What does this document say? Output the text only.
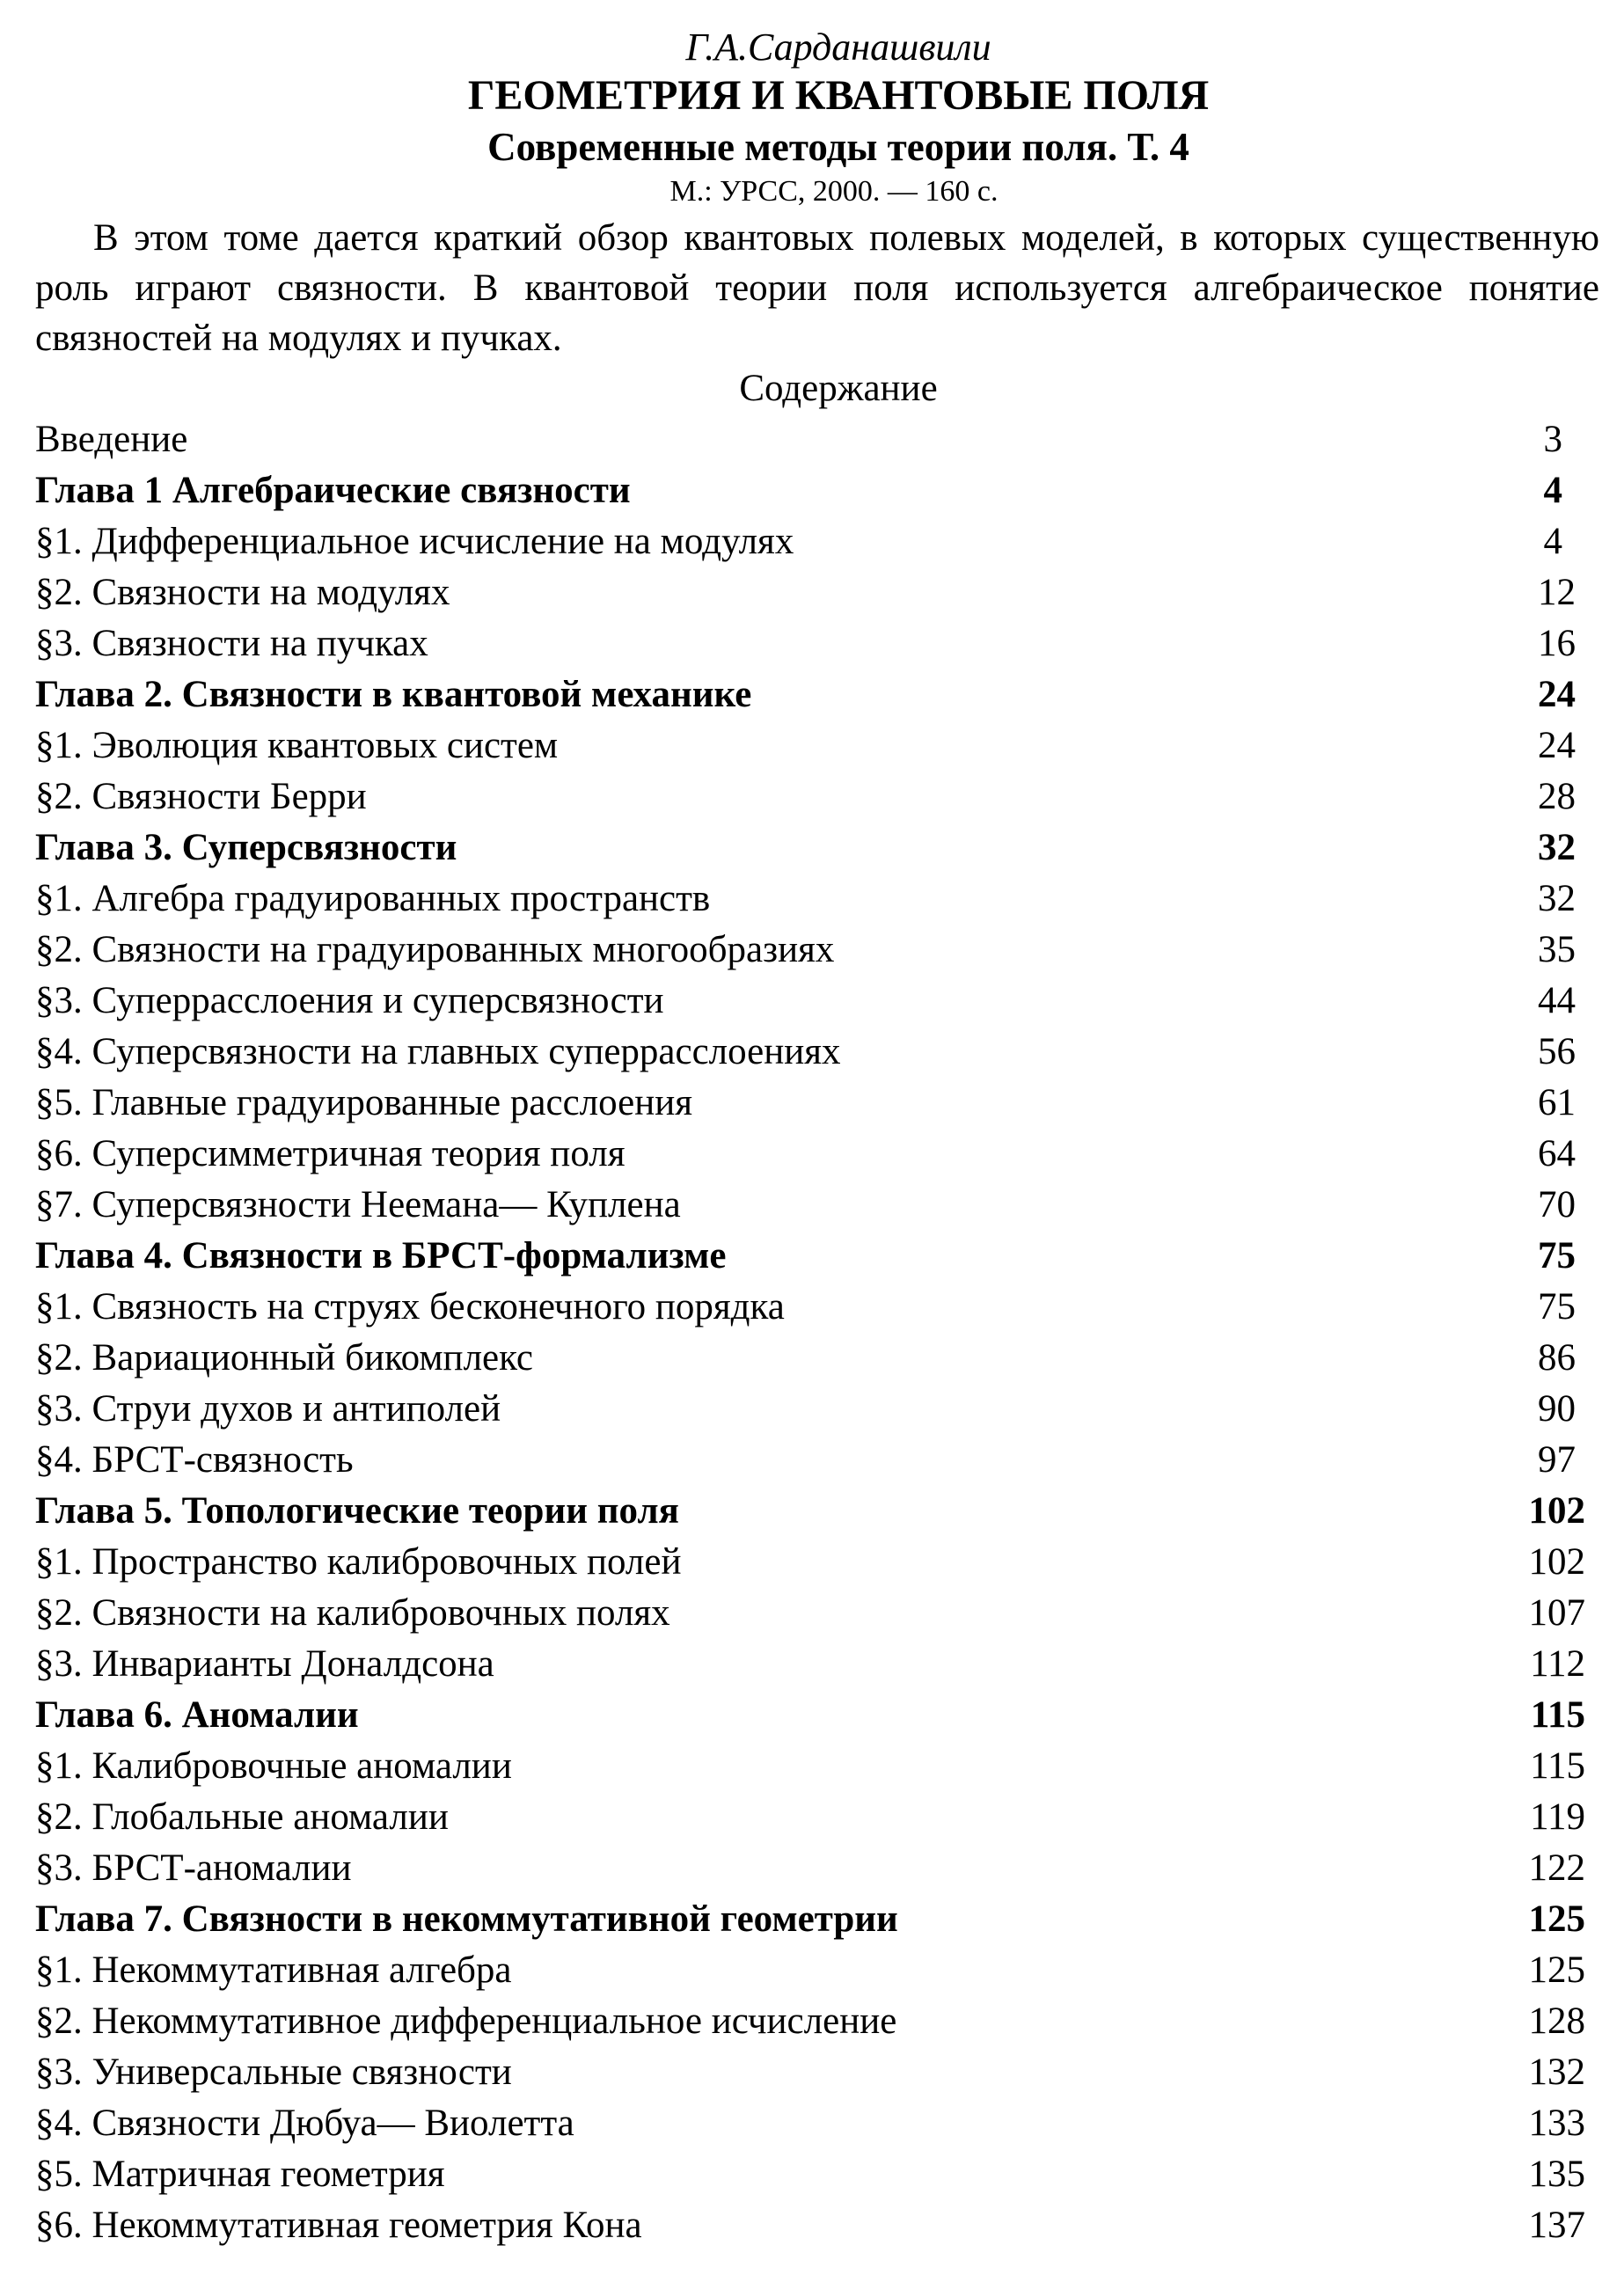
Г.А.Сарданашвили
ГЕОМЕТРИЯ И КВАНТОВЫЕ ПОЛЯ
Современные методы теории поля. Т. 4
М.: УРСС, 2000. — 160 с.
В этом томе дается краткий обзор квантовых полевых моделей, в которых существенную роль играют связности. В квантовой теории поля используется алгебраическое понятие связностей на модулях и пучках.
Содержание
Введение	3
Глава 1 Алгебраические связности	4
§1. Дифференциальное исчисление на модулях	4
§2. Связности на модулях	12
§3. Связности на пучках	16
Глава 2. Связности в квантовой механике	24
§1. Эволюция квантовых систем	24
§2. Связности Берри	28
Глава 3. Суперсвязности	32
§1. Алгебра градуированных пространств	32
§2. Связности на градуированных многообразиях	35
§3. Суперрасслоения и суперсвязности	44
§4. Суперсвязности на главных суперрасслоениях	56
§5. Главные градуированные расслоения	61
§6. Суперсимметричная теория поля	64
§7. Суперсвязности Неемана— Куплена	70
Глава 4. Связности в БРСТ-формализме	75
§1. Связность на струях бесконечного порядка	75
§2. Вариационный бикомплекс	86
§3. Струи духов и антиполей	90
§4. БРСТ-связность	97
Глава 5. Топологические теории поля	102
§1. Пространство калибровочных полей	102
§2. Связности на калибровочных полях	107
§3. Инварианты Доналдсона	112
Глава 6. Аномалии	115
§1. Калибровочные аномалии	115
§2. Глобальные аномалии	119
§3. БРСТ-аномалии	122
Глава 7. Связности в некоммутативной геометрии	125
§1. Некоммутативная алгебра	125
§2. Некоммутативное дифференциальное исчисление	128
§3. Универсальные связности	132
§4. Связности Дюбуа— Виолетта	133
§5. Матричная геометрия	135
§6. Некоммутативная геометрия Кона	137
